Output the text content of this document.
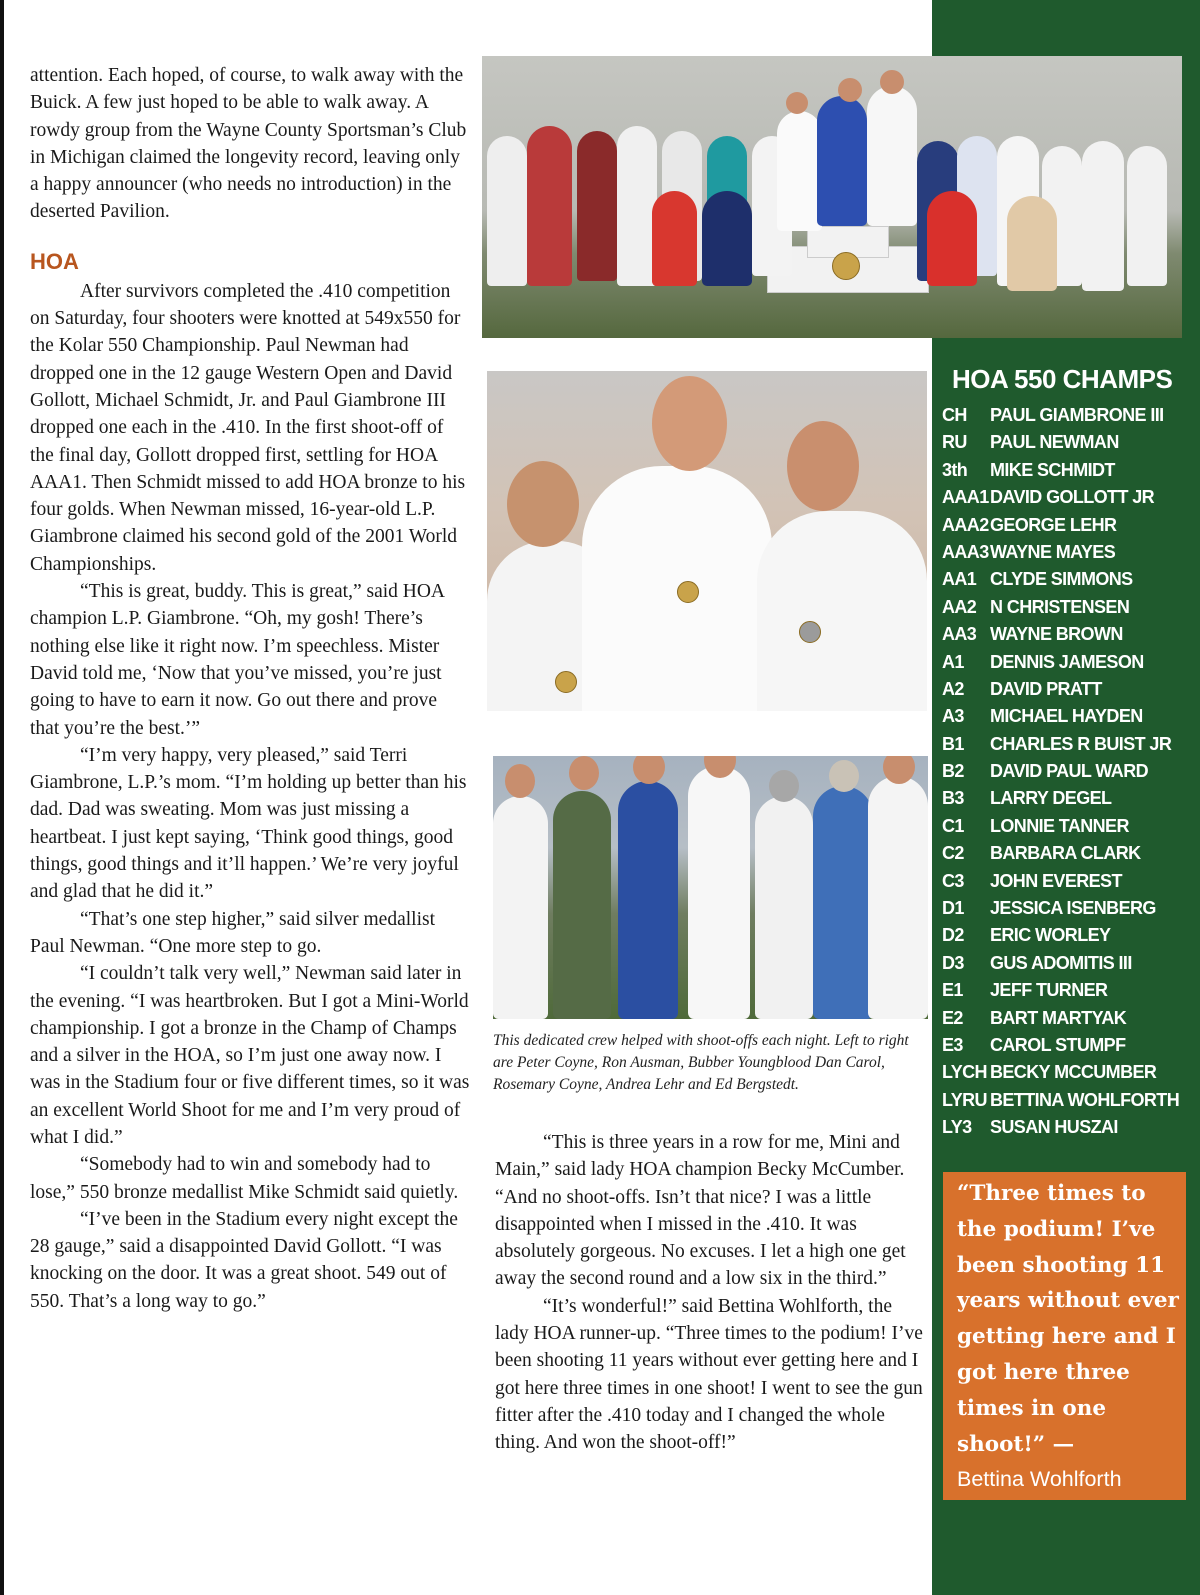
attention. Each hoped, of course, to walk away with the Buick. A few just hoped to be able to walk away. A rowdy group from the Wayne County Sportsman’s Club in Michigan claimed the longevity record, leaving only a happy announcer (who needs no introduction) in the deserted Pavilion.

HOA

After survivors completed the .410 competition on Saturday, four shooters were knotted at 549x550 for the Kolar 550 Championship. Paul Newman had dropped one in the 12 gauge Western Open and David Gollott, Michael Schmidt, Jr. and Paul Giambrone III dropped one each in the .410. In the first shoot-off of the final day, Gollott dropped first, settling for HOA AAA1. Then Schmidt missed to add HOA bronze to his four golds. When Newman missed, 16-year-old L.P. Giambrone claimed his second gold of the 2001 World Championships.

“This is great, buddy. This is great,” said HOA champion L.P. Giambrone. “Oh, my gosh! There’s nothing else like it right now. I’m speechless. Mister David told me, ‘Now that you’ve missed, you’re just going to have to earn it now. Go out there and prove that you’re the best.’”

“I’m very happy, very pleased,” said Terri Giambrone, L.P.’s mom. “I’m holding up better than his dad. Dad was sweating. Mom was just missing a heartbeat. I just kept saying, ‘Think good things, good things, good things and it’ll happen.’ We’re very joyful and glad that he did it.”

“That’s one step higher,” said silver medallist Paul Newman. “One more step to go.

“I couldn’t talk very well,” Newman said later in the evening. “I was heartbroken. But I got a Mini-World championship. I got a bronze in the Champ of Champs and a silver in the HOA, so I’m just one away now. I was in the Stadium four or five different times, so it was an excellent World Shoot for me and I’m very proud of what I did.”

“Somebody had to win and somebody had to lose,” 550 bronze medallist Mike Schmidt said quietly.

“I’ve been in the Stadium every night except the 28 gauge,” said a disappointed David Gollott. “I was knocking on the door. It was a great shoot. 549 out of 550. That’s a long way to go.”

This dedicated crew helped with shoot-offs each night. Left to right are Peter Coyne, Ron Ausman, Bubber Youngblood Dan Carol, Rosemary Coyne, Andrea Lehr and Ed Bergstedt.

“This is three years in a row for me, Mini and Main,” said lady HOA champion Becky McCumber. “And no shoot-offs. Isn’t that nice? I was a little disappointed when I missed in the .410. It was absolutely gorgeous. No excuses. I let a high one get away the second round and a low six in the third.”

“It’s wonderful!” said Bettina Wohlforth, the lady HOA runner-up. “Three times to the podium! I’ve been shooting 11 years without ever getting here and I got here three times in one shoot! I went to see the gun fitter after the .410 today and I changed the whole thing. And won the shoot-off!”

HOA 550 CHAMPS
CH PAUL GIAMBRONE III
RU PAUL NEWMAN
3th MIKE SCHMIDT
AAA1DAVID GOLLOTT JR
AAA2GEORGE LEHR
AAA3WAYNE MAYES
AA1 CLYDE SIMMONS
AA2 N CHRISTENSEN
AA3 WAYNE BROWN
A1 DENNIS JAMESON
A2 DAVID PRATT
A3 MICHAEL HAYDEN
B1 CHARLES R BUIST JR
B2 DAVID PAUL WARD
B3 LARRY DEGEL
C1 LONNIE TANNER
C2 BARBARA CLARK
C3 JOHN EVEREST
D1 JESSICA ISENBERG
D2 ERIC WORLEY
D3 GUS ADOMITIS III
E1 JEFF TURNER
E2 BART MARTYAK
E3 CAROL STUMPF
LYCH BECKY MCCUMBER
LYRU BETTINA WOHLFORTH
LY3 SUSAN HUSZAI
“Three times to the podium! I’ve been shooting 11 years without ever getting here and I got here three times in one shoot!” —
Bettina Wohlforth
